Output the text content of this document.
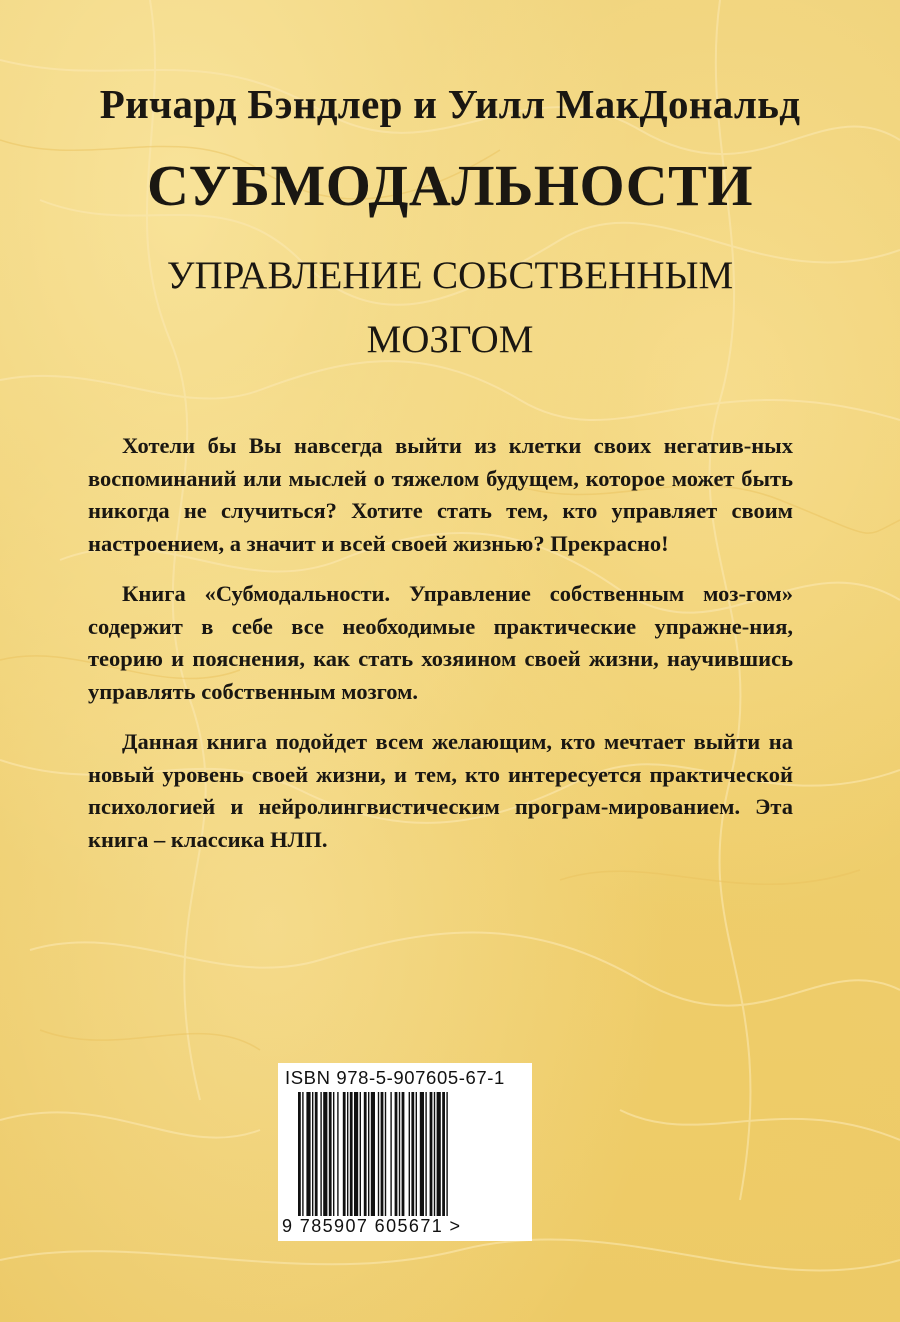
Ричард Бэндлер и Уилл МакДональд
СУБМОДАЛЬНОСТИ
УПРАВЛЕНИЕ СОБСТВЕННЫМ
МОЗГОМ

Хотели бы Вы навсегда выйти из клетки своих негатив-ных воспоминаний или мыслей о тяжелом будущем, которое может быть никогда не случиться? Хотите стать тем, кто управляет своим настроением, а значит и всей своей жизнью? Прекрасно!

Книга «Субмодальности. Управление собственным моз-гом» содержит в себе все необходимые практические упражне-ния, теорию и пояснения, как стать хозяином своей жизни, научившись управлять собственным мозгом.

Данная книга подойдет всем желающим, кто мечтает выйти на новый уровень своей жизни, и тем, кто интересуется практической психологией и нейролингвистическим програм-мированием. Эта книга – классика НЛП.

ISBN 978-5-907605-67-1
9 785907 605671 >
